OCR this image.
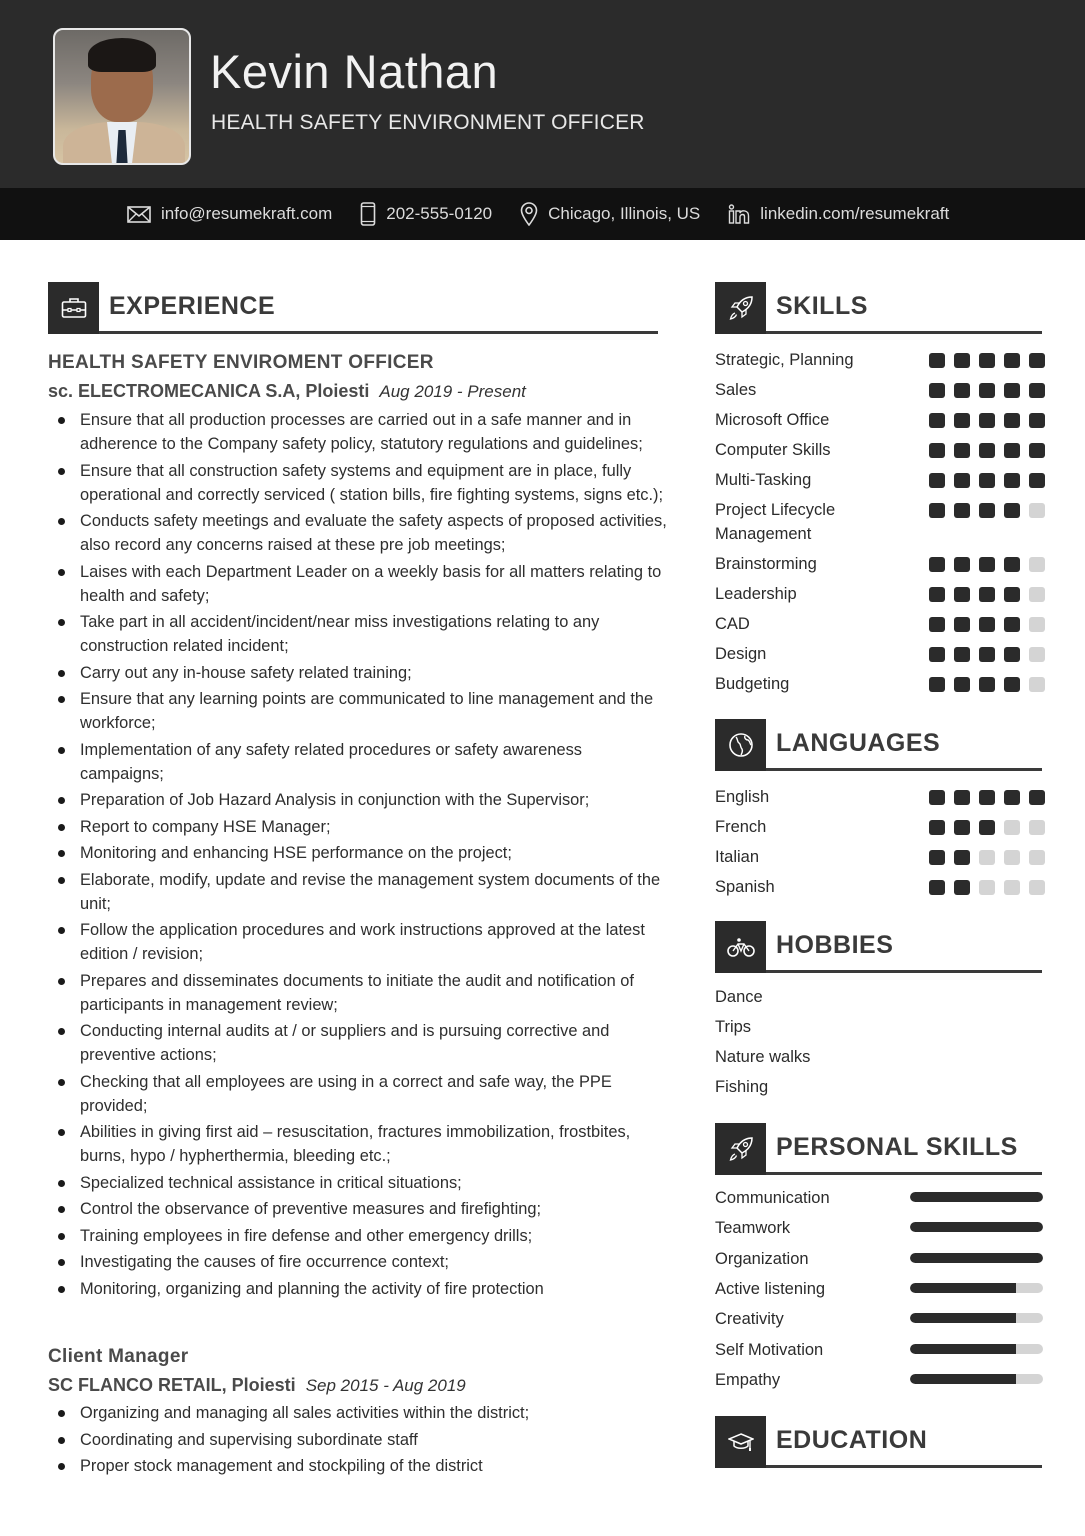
Kevin Nathan
HEALTH SAFETY ENVIRONMENT OFFICER
info@resumekraft.com	202-555-0120	Chicago, Illinois, US	linkedin.com/resumekraft
EXPERIENCE
HEALTH SAFETY ENVIROMENT OFFICER
sc. ELECTROMECANICA S.A, Ploiesti Aug 2019 - Present
Ensure that all production processes are carried out in a safe manner and in adherence to the Company safety policy, statutory regulations and guidelines;
Ensure that all construction safety systems and equipment are in place, fully operational and correctly serviced ( station bills, fire fighting systems, signs etc.);
Conducts safety meetings and evaluate the safety aspects of proposed activities, also record any concerns raised at these pre job meetings;
Laises with each Department Leader on a weekly basis for all matters relating to health and safety;
Take part in all accident/incident/near miss investigations relating to any construction related incident;
Carry out any in-house safety related training;
Ensure that any learning points are communicated to line management and the workforce;
Implementation of any safety related procedures or safety awareness campaigns;
Preparation of Job Hazard Analysis in conjunction with the Supervisor;
Report to company HSE Manager;
Monitoring and enhancing HSE performance on the project;
Elaborate, modify, update and revise the management system documents of the unit;
Follow the application procedures and work instructions approved at the latest edition / revision;
Prepares and disseminates documents to initiate the audit and notification of participants in management review;
Conducting internal audits at / or suppliers and is pursuing corrective and preventive actions;
Checking that all employees are using in a correct and safe way, the PPE provided;
Abilities in giving first aid – resuscitation, fractures immobilization, frostbites, burns, hypo / hypherthermia, bleeding etc.;
Specialized technical assistance in critical situations;
Control the observance of preventive measures and firefighting;
Training employees in fire defense and other emergency drills;
Investigating the causes of fire occurrence context;
Monitoring, organizing and planning the activity of fire protection
Client Manager
SC FLANCO RETAIL, Ploiesti Sep 2015 - Aug 2019
Organizing and managing all sales activities within the district;
Coordinating and supervising subordinate staff
Proper stock management and stockpiling of the district
SKILLS
Strategic, Planning
Sales
Microsoft Office
Computer Skills
Multi-Tasking
Project Lifecycle Management
Brainstorming
Leadership
CAD
Design
Budgeting
LANGUAGES
English
French
Italian
Spanish
HOBBIES
Dance
Trips
Nature walks
Fishing
PERSONAL SKILLS
Communication
Teamwork
Organization
Active listening
Creativity
Self Motivation
Empathy
EDUCATION
